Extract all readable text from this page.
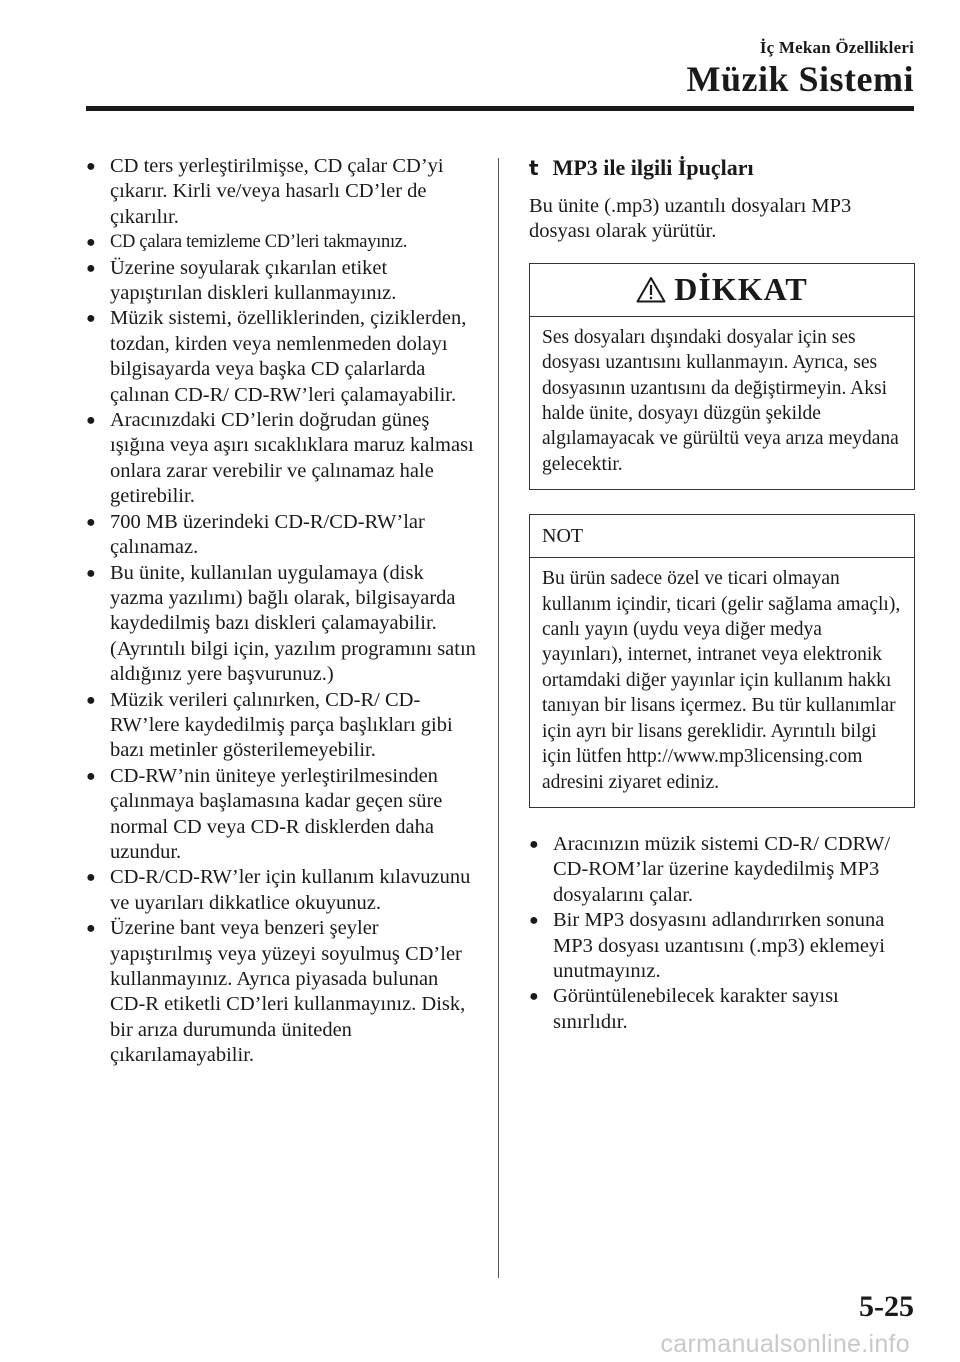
İç Mekan Özellikleri
Müzik Sistemi
● CD ters yerleştirilmişse, CD çalar CD’yi çıkarır. Kirli ve/veya hasarlı CD’ler de çıkarılır.
● CD çalara temizleme CD’leri takmayınız.
● Üzerine soyularak çıkarılan etiket yapıştırılan diskleri kullanmayınız.
● Müzik sistemi, özelliklerinden, çiziklerden, tozdan, kirden veya nemlenmeden dolayı bilgisayarda veya başka CD çalarlarda çalınan CD-R/ CD-RW’leri çalamayabilir.
● Aracınızdaki CD’lerin doğrudan güneş ışığına veya aşırı sıcaklıklara maruz kalması onlara zarar verebilir ve çalınamaz hale getirebilir.
● 700 MB üzerindeki CD-R/CD-RW’lar çalınamaz.
● Bu ünite, kullanılan uygulamaya (disk yazma yazılımı) bağlı olarak, bilgisayarda kaydedilmiş bazı diskleri çalamayabilir. (Ayrıntılı bilgi için, yazılım programını satın aldığınız yere başvurunuz.)
● Müzik verileri çalınırken, CD-R/ CD-RW’lere kaydedilmiş parça başlıkları gibi bazı metinler gösterilemeyebilir.
● CD-RW’nin üniteye yerleştirilmesinden çalınmaya başlamasına kadar geçen süre normal CD veya CD-R disklerden daha uzundur.
● CD-R/CD-RW’ler için kullanım kılavuzunu ve uyarıları dikkatlice okuyunuz.
● Üzerine bant veya benzeri şeyler yapıştırılmış veya yüzeyi soyulmuş CD’ler kullanmayınız. Ayrıca piyasada bulunan CD-R etiketli CD’leri kullanmayınız. Disk, bir arıza durumunda üniteden çıkarılamayabilir.
t MP3 ile ilgili İpuçları

Bu ünite (.mp3) uzantılı dosyaları MP3 dosyası olarak yürütür.

DİKKAT
Ses dosyaları dışındaki dosyalar için ses dosyası uzantısını kullanmayın. Ayrıca, ses dosyasının uzantısını da değiştirmeyin. Aksi halde ünite, dosyayı düzgün şekilde algılamayacak ve gürültü veya arıza meydana gelecektir.
NOT
Bu ürün sadece özel ve ticari olmayan kullanım içindir, ticari (gelir sağlama amaçlı), canlı yayın (uydu veya diğer medya yayınları), internet, intranet veya elektronik ortamdaki diğer yayınlar için kullanım hakkı tanıyan bir lisans içermez. Bu tür kullanımlar için ayrı bir lisans gereklidir. Ayrıntılı bilgi için lütfen http://www.mp3licensing.com adresini ziyaret ediniz.
● Aracınızın müzik sistemi CD-R/ CDRW/ CD-ROM’lar üzerine kaydedilmiş MP3 dosyalarını çalar.
● Bir MP3 dosyasını adlandırırken sonuna MP3 dosyası uzantısını (.mp3) eklemeyi unutmayınız.
● Görüntülenebilecek karakter sayısı sınırlıdır.
5-25
carmanualsonline.info
